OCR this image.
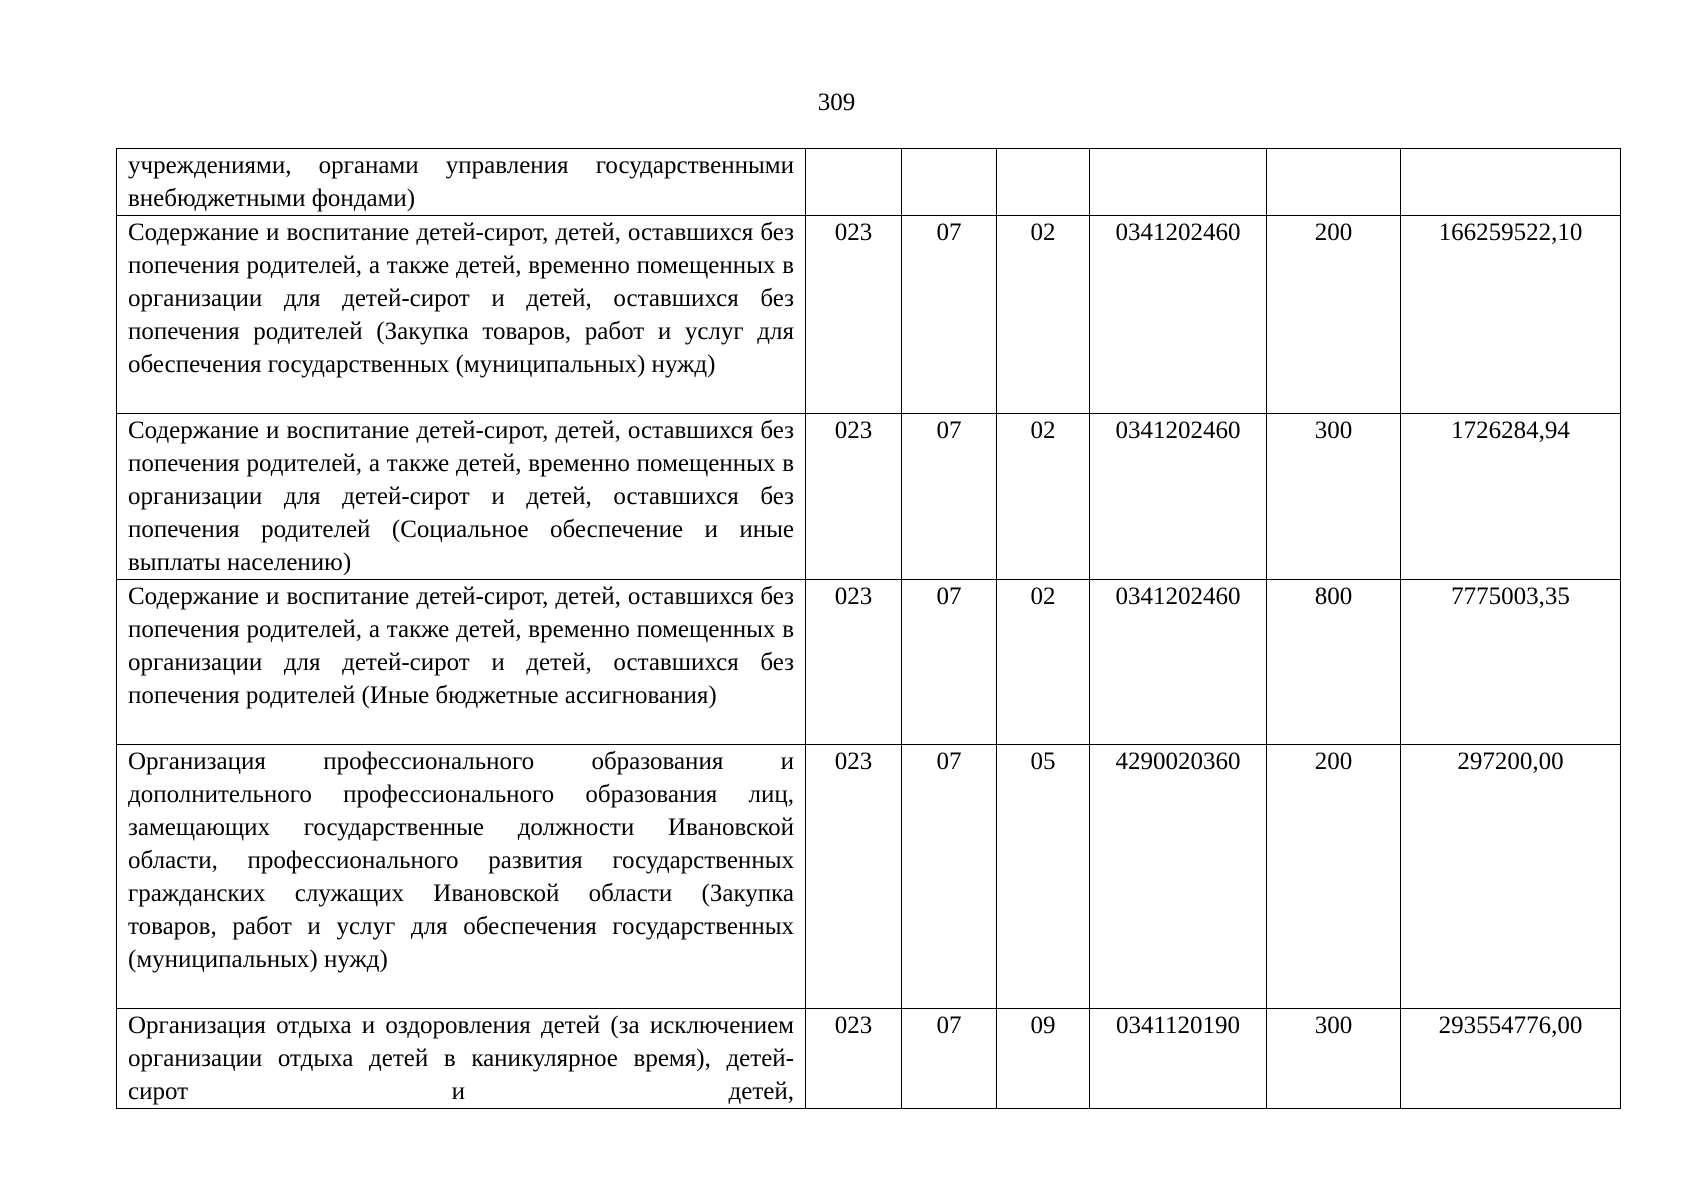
309
учреждениями, органами управления государственными внебюджетными фондами)						
Содержание и воспитание детей-сирот, детей, оставшихся без попечения родителей, а также детей, временно помещенных в организации для детей-сирот и детей, оставшихся без попечения родителей (Закупка товаров, работ и услуг для обеспечения государственных (муниципальных) нужд)	023	07	02	0341202460	200	166259522,10
Содержание и воспитание детей-сирот, детей, оставшихся без попечения родителей, а также детей, временно помещенных в организации для детей-сирот и детей, оставшихся без попечения родителей (Социальное обеспечение и иные выплаты населению)	023	07	02	0341202460	300	1726284,94
Содержание и воспитание детей-сирот, детей, оставшихся без попечения родителей, а также детей, временно помещенных в организации для детей-сирот и детей, оставшихся без попечения родителей (Иные бюджетные ассигнования)	023	07	02	0341202460	800	7775003,35
Организация профессионального образования и дополнительного профессионального образования лиц, замещающих государственные должности Ивановской области, профессионального развития государственных гражданских служащих Ивановской области (Закупка товаров, работ и услуг для обеспечения государственных (муниципальных) нужд)	023	07	05	4290020360	200	297200,00
Организация отдыха и оздоровления детей (за исключением организации отдыха детей в каникулярное время), детей-сирот и детей,	023	07	09	0341120190	300	293554776,00
